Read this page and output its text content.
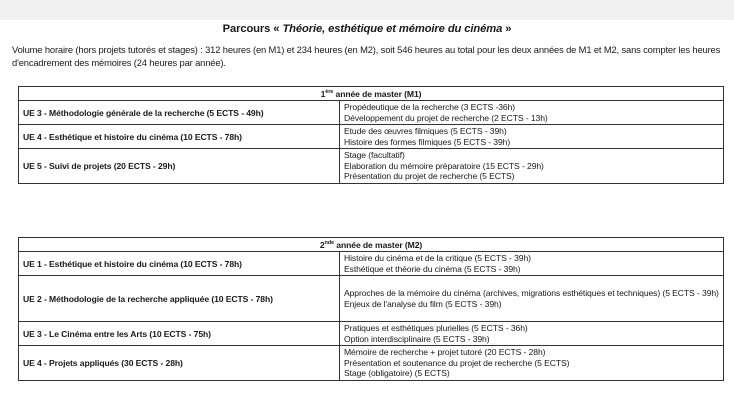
Parcours « Théorie, esthétique et mémoire du cinéma »
Volume horaire (hors projets tutorés et stages) : 312 heures (en M1) et 234 heures (en M2), soit 546 heures au total pour les deux années de M1 et M2, sans compter les heures d'encadrement des mémoires (24 heures par année).
1ère année de master (M1)	
UE 3 - Méthodologie générale de la recherche (5 ECTS - 49h)	Propédeutique de la recherche (3 ECTS -36h)
Développement du projet de recherche (2 ECTS - 13h)

UE 4 - Esthétique et histoire du cinéma (10 ECTS - 78h)	Etude des œuvres filmiques (5 ECTS - 39h)
Histoire des formes filmiques (5 ECTS - 39h)

UE 5 - Suivi de projets (20 ECTS - 29h)	Stage (facultatif)
Elaboration du mémoire préparatoire (15 ECTS - 29h)
Présentation du projet de recherche (5 ECTS)
2nde année de master (M2)	
UE 1 - Esthétique et histoire du cinéma (10 ECTS - 78h)	Histoire du cinéma et de la critique (5 ECTS - 39h)
Esthétique et théorie du cinéma (5 ECTS - 39h)

UE 2 - Méthodologie de la recherche appliquée (10 ECTS - 78h)	Approches de la mémoire du cinéma (archives, migrations esthétiques et techniques) (5 ECTS - 39h)
Enjeux de l'analyse du film (5 ECTS - 39h)

UE 3 - Le Cinéma entre les Arts (10 ECTS - 75h)	Pratiques et esthétiques plurielles (5 ECTS - 36h)
Option interdisciplinaire (5 ECTS - 39h)

UE 4 - Projets appliqués (30 ECTS - 28h)	Mémoire de recherche + projet tutoré (20 ECTS - 28h)
Présentation et soutenance du projet de recherche (5 ECTS)
Stage (obligatoire) (5 ECTS)
